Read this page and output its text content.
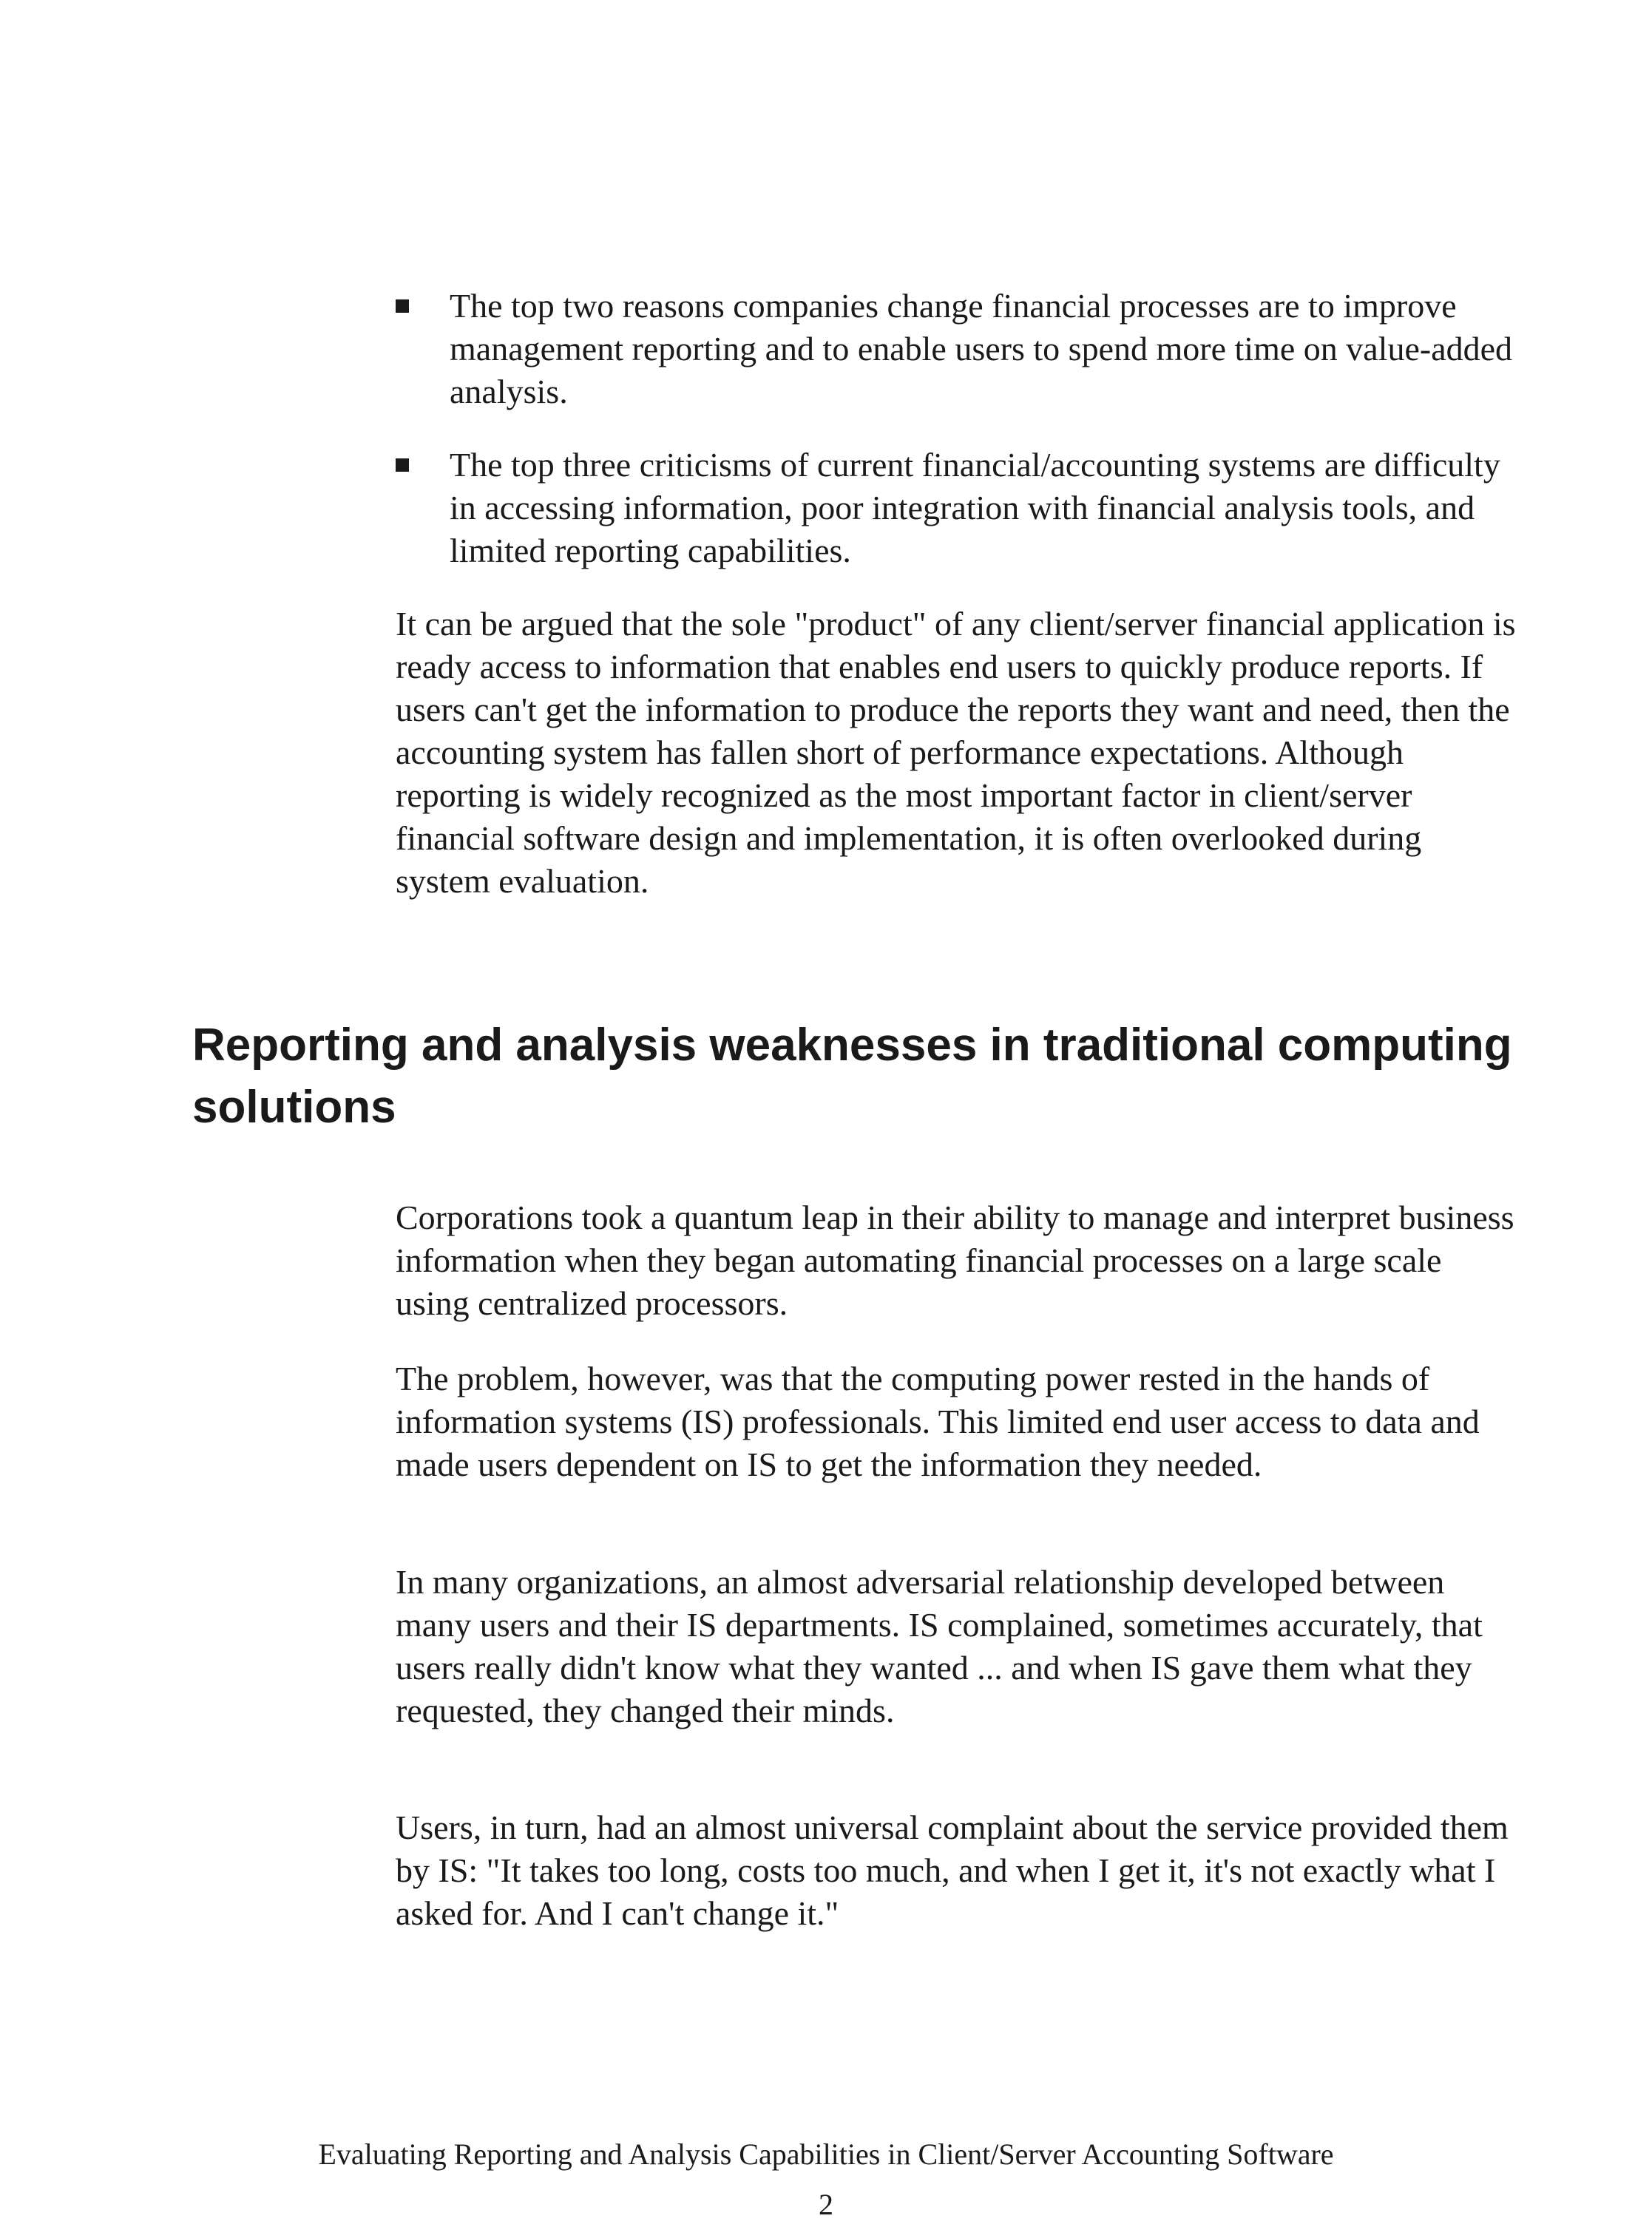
The top two reasons companies change financial processes are to improve management reporting and to enable users to spend more time on value-added analysis.
The top three criticisms of current financial/accounting systems are difficulty in accessing information, poor integration with financial analysis tools, and limited reporting capabilities.

It can be argued that the sole "product" of any client/server financial application is ready access to information that enables end users to quickly produce reports. If users can't get the information to produce the reports they want and need, then the accounting system has fallen short of performance expectations. Although reporting is widely recognized as the most important factor in client/server financial software design and implementation, it is often overlooked during system evaluation.

Reporting and analysis weaknesses in traditional computing solutions

Corporations took a quantum leap in their ability to manage and interpret business information when they began automating financial processes on a large scale using centralized processors.

The problem, however, was that the computing power rested in the hands of information systems (IS) professionals. This limited end user access to data and made users dependent on IS to get the information they needed.

In many organizations, an almost adversarial relationship developed between many users and their IS departments. IS complained, sometimes accurately, that users really didn't know what they wanted ... and when IS gave them what they requested, they changed their minds.

Users, in turn, had an almost universal complaint about the service provided them by IS: "It takes too long, costs too much, and when I get it, it's not exactly what I asked for. And I can't change it."

Evaluating Reporting and Analysis Capabilities in Client/Server Accounting Software

2
